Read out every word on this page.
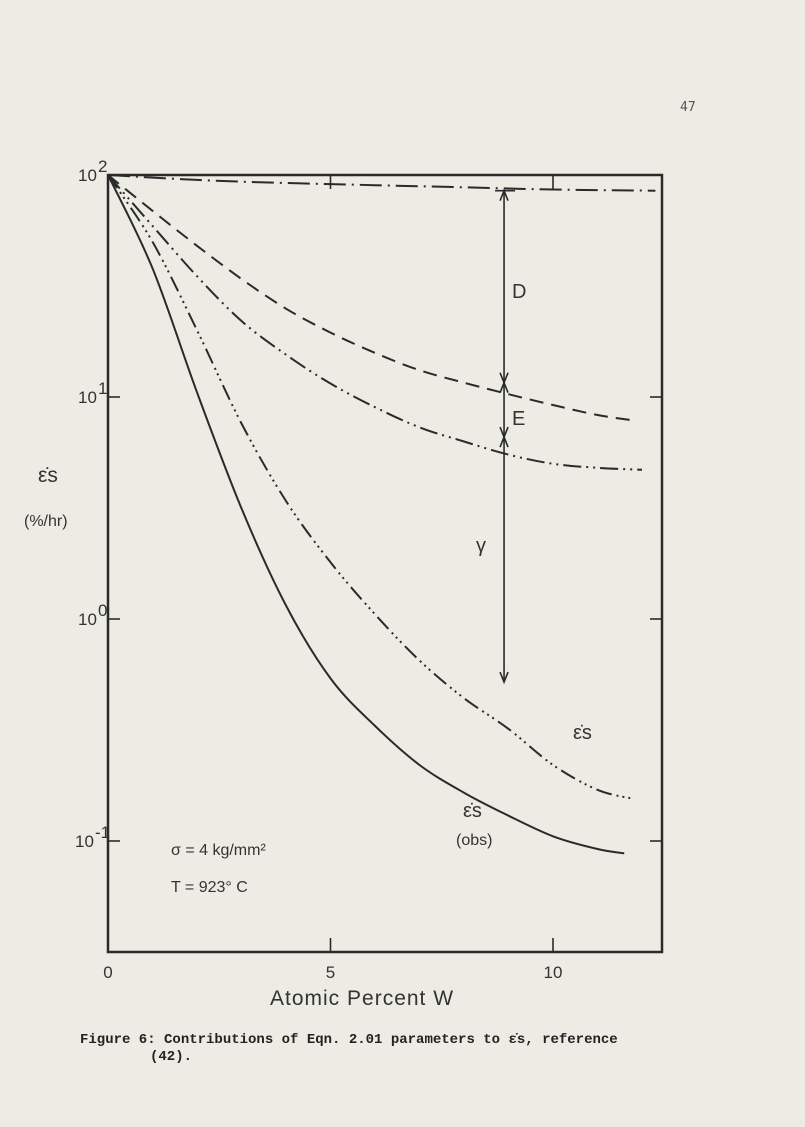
47
10 2
10 1
10 0
10 -1
0	5	10
ε̇s
(%/hr)
D
E
γ
ε̇s
ε̇s
(obs)
σ = 4 kg/mm²
T = 923° C
Atomic Percent W
Figure 6: Contributions of Eqn. 2.01 parameters to ε̇s, reference
(42).
